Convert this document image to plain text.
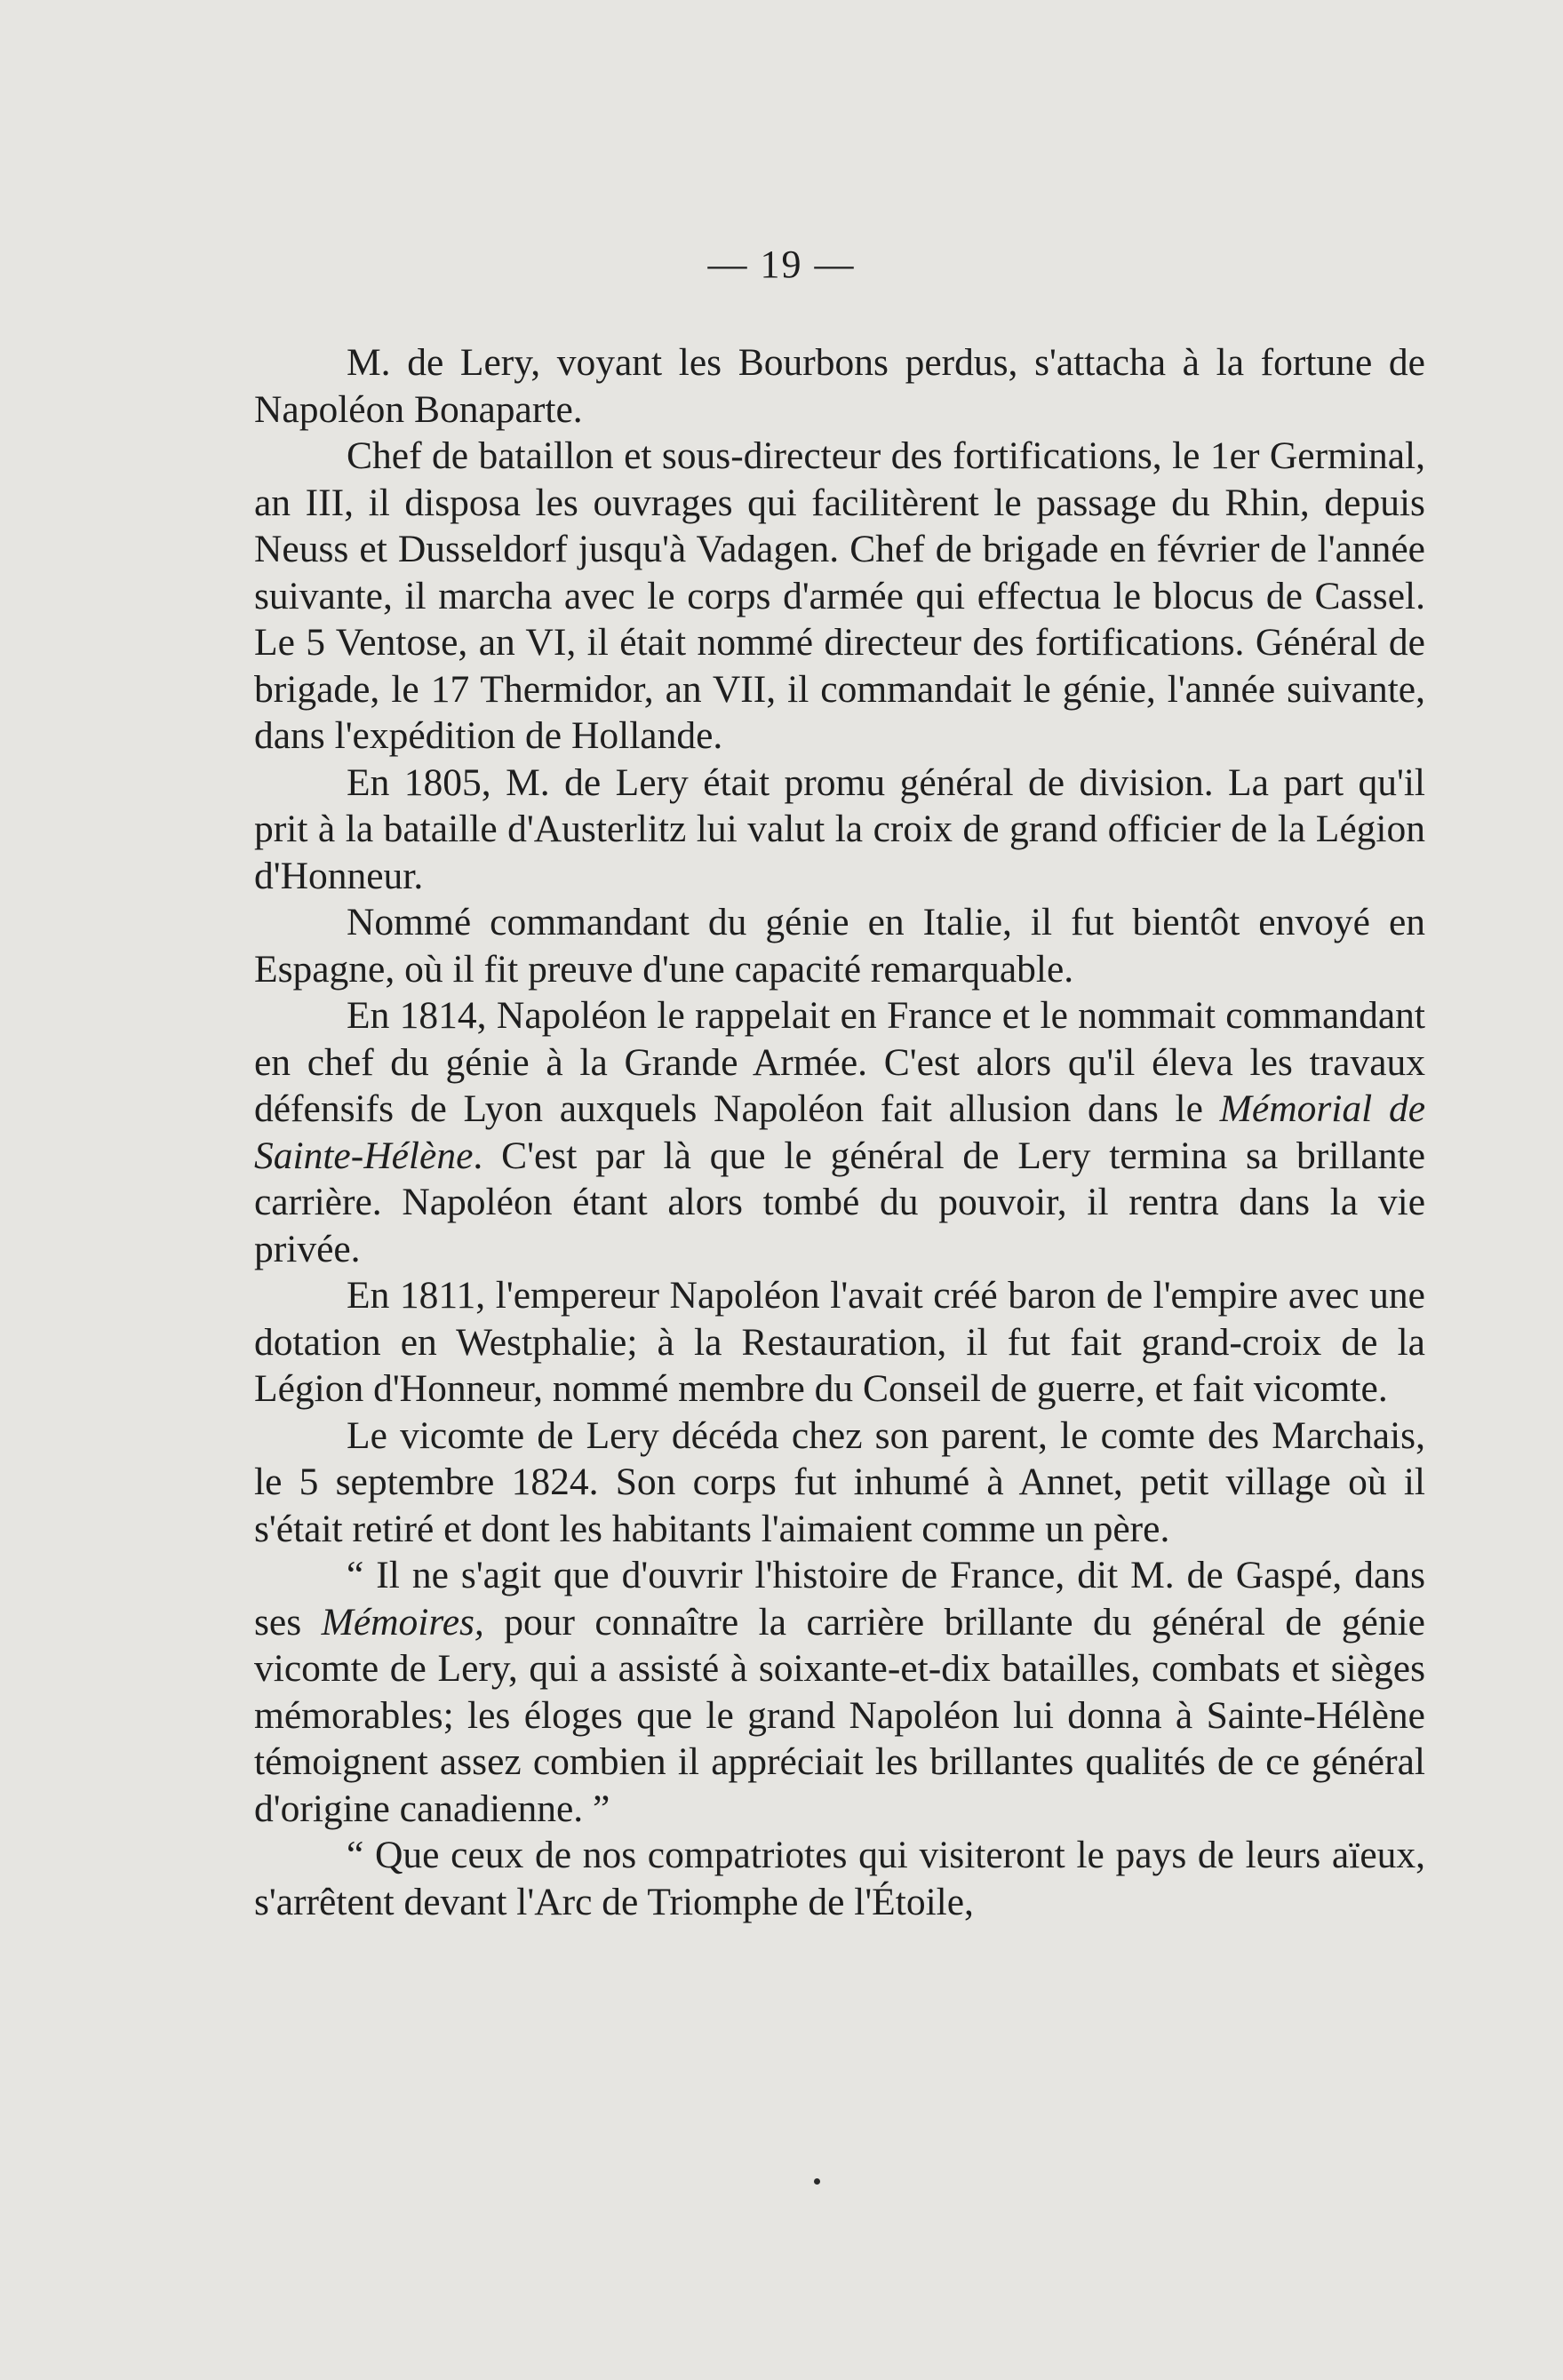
— 19 —

M. de Lery, voyant les Bourbons perdus, s'attacha à la fortune de Napoléon Bonaparte.

Chef de bataillon et sous-directeur des fortifications, le 1er Germinal, an III, il disposa les ouvrages qui facilitèrent le passage du Rhin, depuis Neuss et Dusseldorf jusqu'à Vadagen. Chef de brigade en février de l'année suivante, il marcha avec le corps d'armée qui effectua le blocus de Cassel. Le 5 Ventose, an VI, il était nommé directeur des fortifications. Général de brigade, le 17 Thermidor, an VII, il commandait le génie, l'année suivante, dans l'expédition de Hollande.

En 1805, M. de Lery était promu général de division. La part qu'il prit à la bataille d'Austerlitz lui valut la croix de grand officier de la Légion d'Honneur.

Nommé commandant du génie en Italie, il fut bientôt envoyé en Espagne, où il fit preuve d'une capacité remarquable.

En 1814, Napoléon le rappelait en France et le nommait commandant en chef du génie à la Grande Armée. C'est alors qu'il éleva les travaux défensifs de Lyon auxquels Napoléon fait allusion dans le Mémorial de Sainte-Hélène. C'est par là que le général de Lery termina sa brillante carrière. Napoléon étant alors tombé du pouvoir, il rentra dans la vie privée.

En 1811, l'empereur Napoléon l'avait créé baron de l'empire avec une dotation en Westphalie; à la Restauration, il fut fait grand-croix de la Légion d'Honneur, nommé membre du Conseil de guerre, et fait vicomte.

Le vicomte de Lery décéda chez son parent, le comte des Marchais, le 5 septembre 1824. Son corps fut inhumé à Annet, petit village où il s'était retiré et dont les habitants l'aimaient comme un père.

“ Il ne s'agit que d'ouvrir l'histoire de France, dit M. de Gaspé, dans ses Mémoires, pour connaître la carrière brillante du général de génie vicomte de Lery, qui a assisté à soixante-et-dix batailles, combats et sièges mémorables; les éloges que le grand Napoléon lui donna à Sainte-Hélène témoignent assez combien il appréciait les brillantes qualités de ce général d'origine canadienne. ”

“ Que ceux de nos compatriotes qui visiteront le pays de leurs aïeux, s'arrêtent devant l'Arc de Triomphe de l'Étoile,
